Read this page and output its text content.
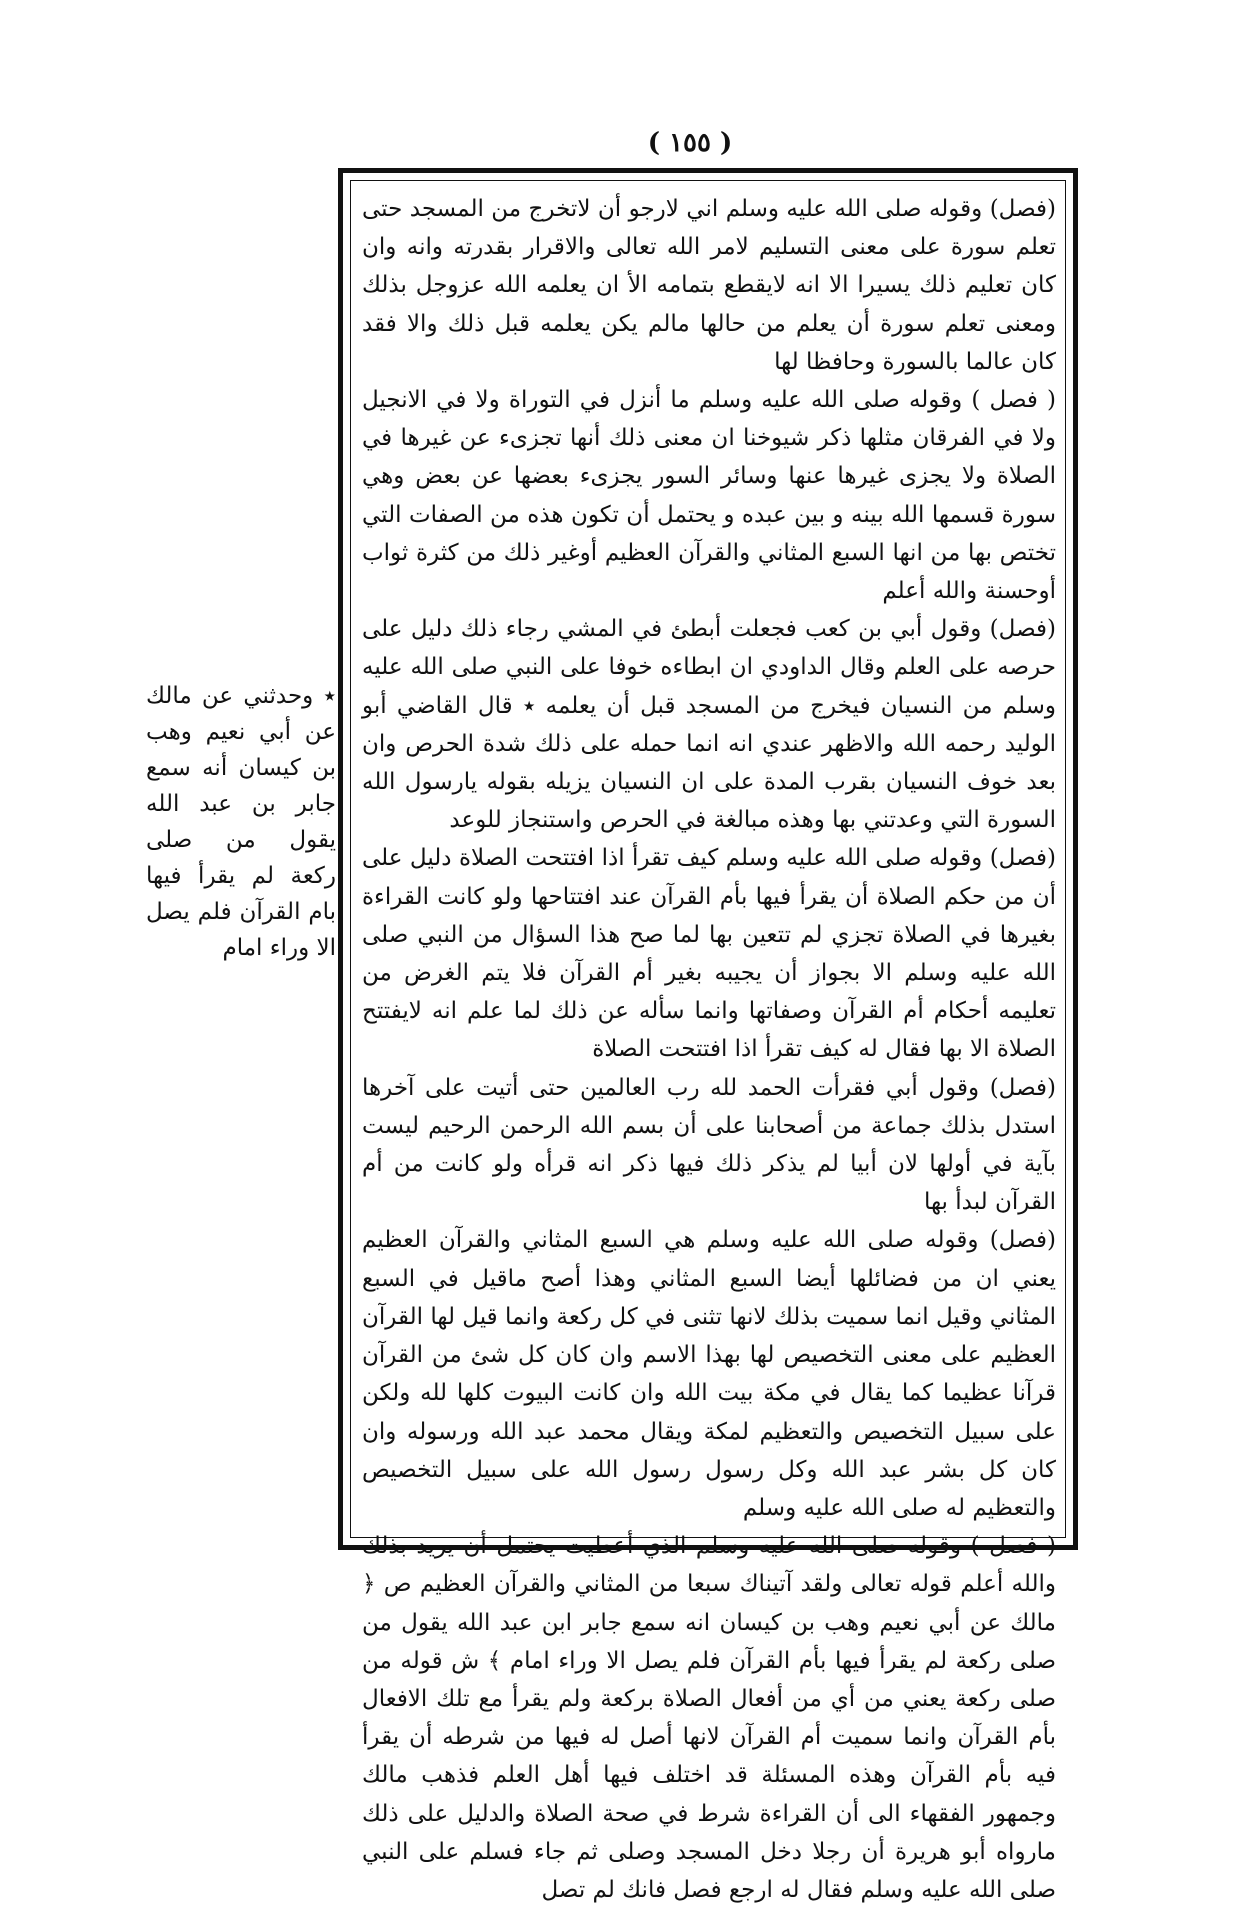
( ١٥٥ )
٭ وحدثني عن مالك عن أبي نعيم وهب بن كيسان أنه سمع جابر بن عبد الله يقول من صلى ركعة لم يقرأ فيها بام القرآن فلم يصل الا وراء امام

(فصل) وقوله صلى الله عليه وسلم اني لارجو أن لاتخرج من المسجد حتى تعلم سورة على معنى التسليم لامر الله تعالى والاقرار بقدرته وانه وان كان تعليم ذلك يسيرا الا انه لايقطع بتمامه الأ ان يعلمه الله عزوجل بذلك ومعنى تعلم سورة أن يعلم من حالها مالم يكن يعلمه قبل ذلك والا فقد كان عالما بالسورة وحافظا لها

( فصل ) وقوله صلى الله عليه وسلم ما أنزل في التوراة ولا في الانجيل ولا في الفرقان مثلها ذكر شيوخنا ان معنى ذلك أنها تجزىء عن غيرها في الصلاة ولا يجزى غيرها عنها وسائر السور يجزىء بعضها عن بعض وهي سورة قسمها الله بينه و بين عبده و يحتمل أن تكون هذه من الصفات التي تختص بها من انها السبع المثاني والقرآن العظيم أوغير ذلك من كثرة ثواب أوحسنة والله أعلم

(فصل) وقول أبي بن كعب فجعلت أبطئ في المشي رجاء ذلك دليل على حرصه على العلم وقال الداودي ان ابطاءه خوفا على النبي صلى الله عليه وسلم من النسيان فيخرج من المسجد قبل أن يعلمه ٭ قال القاضي أبو الوليد رحمه الله والاظهر عندي انه انما حمله على ذلك شدة الحرص وان بعد خوف النسيان بقرب المدة على ان النسيان يزيله بقوله يارسول الله السورة التي وعدتني بها وهذه مبالغة في الحرص واستنجاز للوعد

(فصل) وقوله صلى الله عليه وسلم كيف تقرأ اذا افتتحت الصلاة دليل على أن من حكم الصلاة أن يقرأ فيها بأم القرآن عند افتتاحها ولو كانت القراءة بغيرها في الصلاة تجزي لم تتعين بها لما صح هذا السؤال من النبي صلى الله عليه وسلم الا بجواز أن يجيبه بغير أم القرآن فلا يتم الغرض من تعليمه أحكام أم القرآن وصفاتها وانما سأله عن ذلك لما علم انه لايفتتح الصلاة الا بها فقال له كيف تقرأ اذا افتتحت الصلاة

(فصل) وقول أبي فقرأت الحمد لله رب العالمين حتى أتيت على آخرها استدل بذلك جماعة من أصحابنا على أن بسم الله الرحمن الرحيم ليست بآية في أولها لان أبيا لم يذكر ذلك فيها ذكر انه قرأه ولو كانت من أم القرآن لبدأ بها

(فصل) وقوله صلى الله عليه وسلم هي السبع المثاني والقرآن العظيم يعني ان من فضائلها أيضا السبع المثاني وهذا أصح ماقيل في السبع المثاني وقيل انما سميت بذلك لانها تثنى في كل ركعة وانما قيل لها القرآن العظيم على معنى التخصيص لها بهذا الاسم وان كان كل شئ من القرآن قرآنا عظيما كما يقال في مكة بيت الله وان كانت البيوت كلها لله ولكن على سبيل التخصيص والتعظيم لمكة ويقال محمد عبد الله ورسوله وان كان كل بشر عبد الله وكل رسول رسول الله على سبيل التخصيص والتعظيم له صلى الله عليه وسلم

( فصل ) وقوله صلى الله عليه وسلم الذي أعطيت يحتمل أن يريد بذلك والله أعلم قوله تعالى ولقد آتيناك سبعا من المثاني والقرآن العظيم ص ﴿ مالك عن أبي نعيم وهب بن كيسان انه سمع جابر ابن عبد الله يقول من صلى ركعة لم يقرأ فيها بأم القرآن فلم يصل الا وراء امام ﴾ ش قوله من صلى ركعة يعني من أي من أفعال الصلاة بركعة ولم يقرأ مع تلك الافعال بأم القرآن وانما سميت أم القرآن لانها أصل له فيها من شرطه أن يقرأ فيه بأم القرآن وهذه المسئلة قد اختلف فيها أهل العلم فذهب مالك وجمهور الفقهاء الى أن القراءة شرط في صحة الصلاة والدليل على ذلك مارواه أبو هريرة أن رجلا دخل المسجد وصلى ثم جاء فسلم على النبي صلى الله عليه وسلم فقال له ارجع فصل فانك لم تصل
